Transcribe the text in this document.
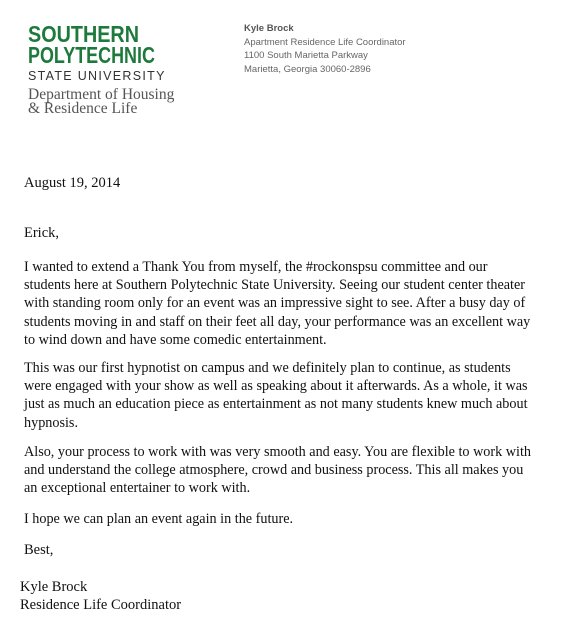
SOUTHERN
POLYTECHNIC
STATE UNIVERSITY
Department of Housing
& Residence Life
Kyle Brock
Apartment Residence Life Coordinator
1100 South Marietta Parkway
Marietta, Georgia 30060-2896
August 19, 2014
Erick,

I wanted to extend a Thank You from myself, the #rockonspsu committee and our
students here at Southern Polytechnic State University. Seeing our student center theater
with standing room only for an event was an impressive sight to see. After a busy day of
students moving in and staff on their feet all day, your performance was an excellent way
to wind down and have some comedic entertainment.

This was our first hypnotist on campus and we definitely plan to continue, as students
were engaged with your show as well as speaking about it afterwards. As a whole, it was
just as much an education piece as entertainment as not many students knew much about
hypnosis.

Also, your process to work with was very smooth and easy. You are flexible to work with
and understand the college atmosphere, crowd and business process. This all makes you
an exceptional entertainer to work with.

I hope we can plan an event again in the future.

Best,
Kyle Brock
Residence Life Coordinator
